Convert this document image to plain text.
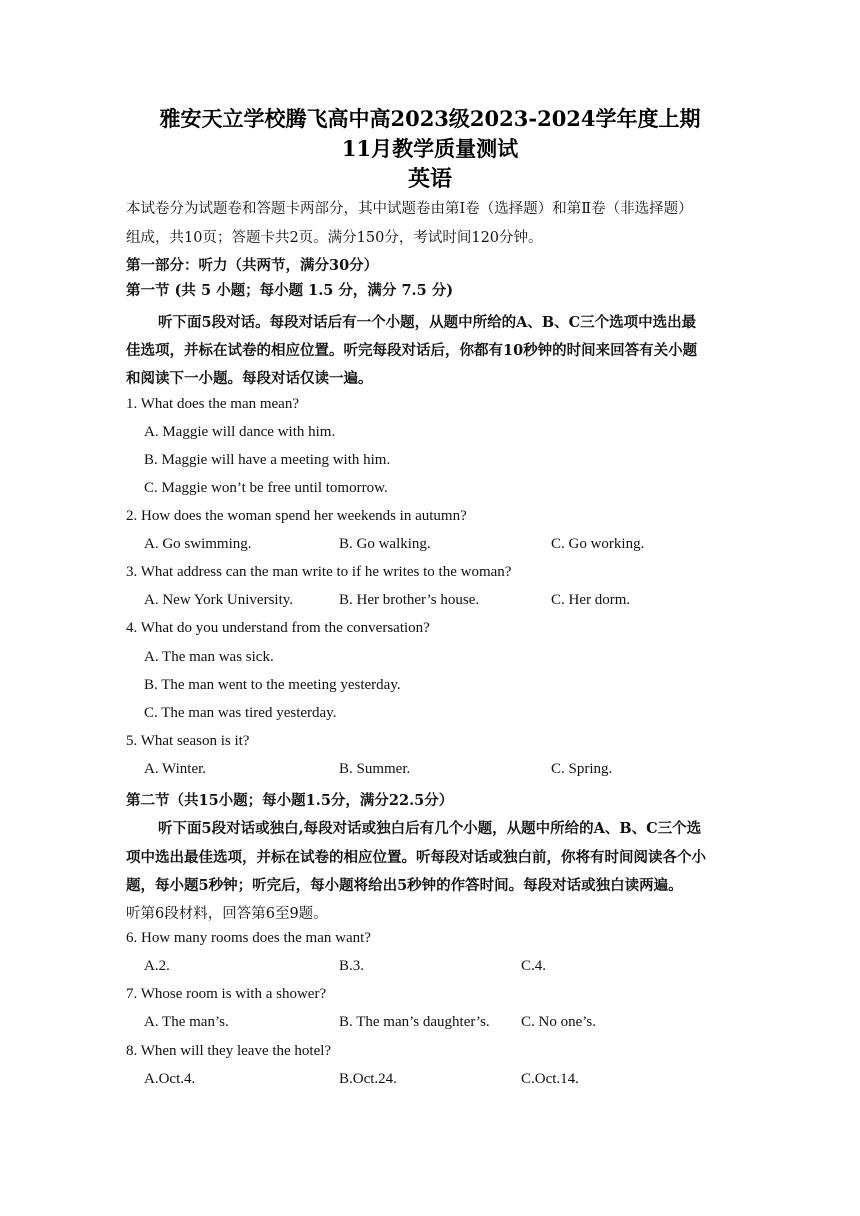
雅安天立学校腾飞高中高2023级2023-2024学年度上期
11月教学质量测试
英语
本试卷分为试题卷和答题卡两部分，其中试题卷由第Ⅰ卷（选择题）和第Ⅱ卷（非选择题）
组成，共10页；答题卡共2页。满分150分，考试时间120分钟。
第一部分：听力（共两节，满分30分）
第一节 (共 5 小题；每小题 1.5 分，满分 7.5 分)
听下面5段对话。每段对话后有一个小题，从题中所给的A、B、C三个选项中选出最
佳选项，并标在试卷的相应位置。听完每段对话后，你都有10秒钟的时间来回答有关小题
和阅读下一小题。每段对话仅读一遍。
1. What does the man mean?
A. Maggie will dance with him.
B. Maggie will have a meeting with him.
C. Maggie won’t be free until tomorrow.
2. How does the woman spend her weekends in autumn?
A. Go swimming.	B. Go walking.	C. Go working.
3. What address can the man write to if he writes to the woman?
A. New York University.	B. Her brother’s house.	C. Her dorm.
4. What do you understand from the conversation?
A. The man was sick.
B. The man went to the meeting yesterday.
C. The man was tired yesterday.
5. What season is it?
A. Winter.	B. Summer.	C. Spring.
第二节（共15小题；每小题1.5分，满分22.5分）
听下面5段对话或独白,每段对话或独白后有几个小题，从题中所给的A、B、C三个选
项中选出最佳选项，并标在试卷的相应位置。听每段对话或独白前，你将有时间阅读各个小
题，每小题5秒钟；听完后，每小题将给出5秒钟的作答时间。每段对话或独白读两遍。
听第6段材料，回答第6至9题。
6. How many rooms does the man want?
A.2.	B.3.	C.4.
7. Whose room is with a shower?
A. The man’s.	B. The man’s daughter’s. C. No one’s.
8. When will they leave the hotel?
A.Oct.4.	B.Oct.24.	C.Oct.14.
